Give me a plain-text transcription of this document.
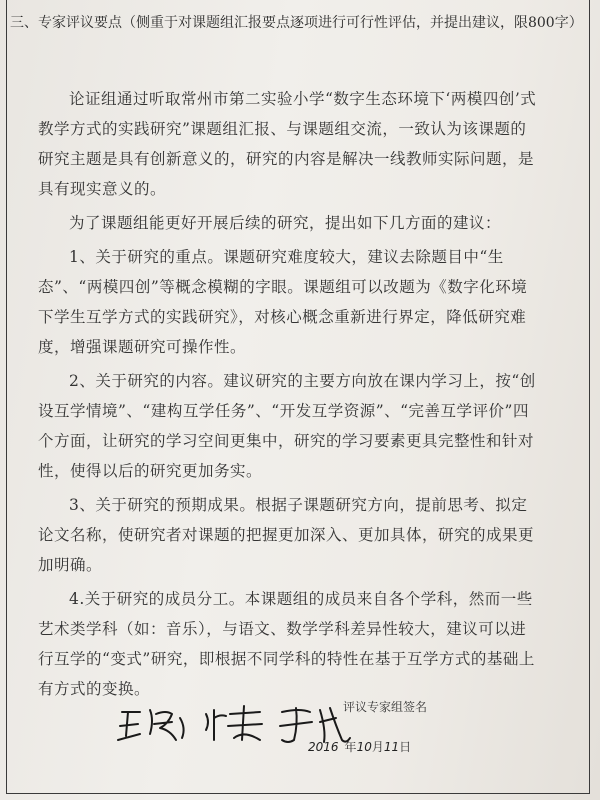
三、专家评议要点（侧重于对课题组汇报要点逐项进行可行性评估，并提出建议，限800字）

论证组通过听取常州市第二实验小学“数字生态环境下‘两模四创’式教学方式的实践研究”课题组汇报、与课题组交流，一致认为该课题的研究主题是具有创新意义的，研究的内容是解决一线教师实际问题，是具有现实意义的。

为了课题组能更好开展后续的研究，提出如下几方面的建议：

1、关于研究的重点。课题研究难度较大，建议去除题目中“生态”、“两模四创”等概念模糊的字眼。课题组可以改题为《数字化环境下学生互学方式的实践研究》，对核心概念重新进行界定，降低研究难度，增强课题研究可操作性。

2、关于研究的内容。建议研究的主要方向放在课内学习上，按“创设互学情境”、“建构互学任务”、“开发互学资源”、“完善互学评价”四个方面，让研究的学习空间更集中，研究的学习要素更具完整性和针对性，使得以后的研究更加务实。

3、关于研究的预期成果。根据子课题研究方向，提前思考、拟定论文名称，使研究者对课题的把握更加深入、更加具体，研究的成果更加明确。

4.关于研究的成员分工。本课题组的成员来自各个学科，然而一些艺术类学科（如：音乐），与语文、数学学科差异性较大，建议可以进行互学的“变式”研究，即根据不同学科的特性在基于互学方式的基础上有方式的变换。

评议专家组签名
2016 年10月11日
